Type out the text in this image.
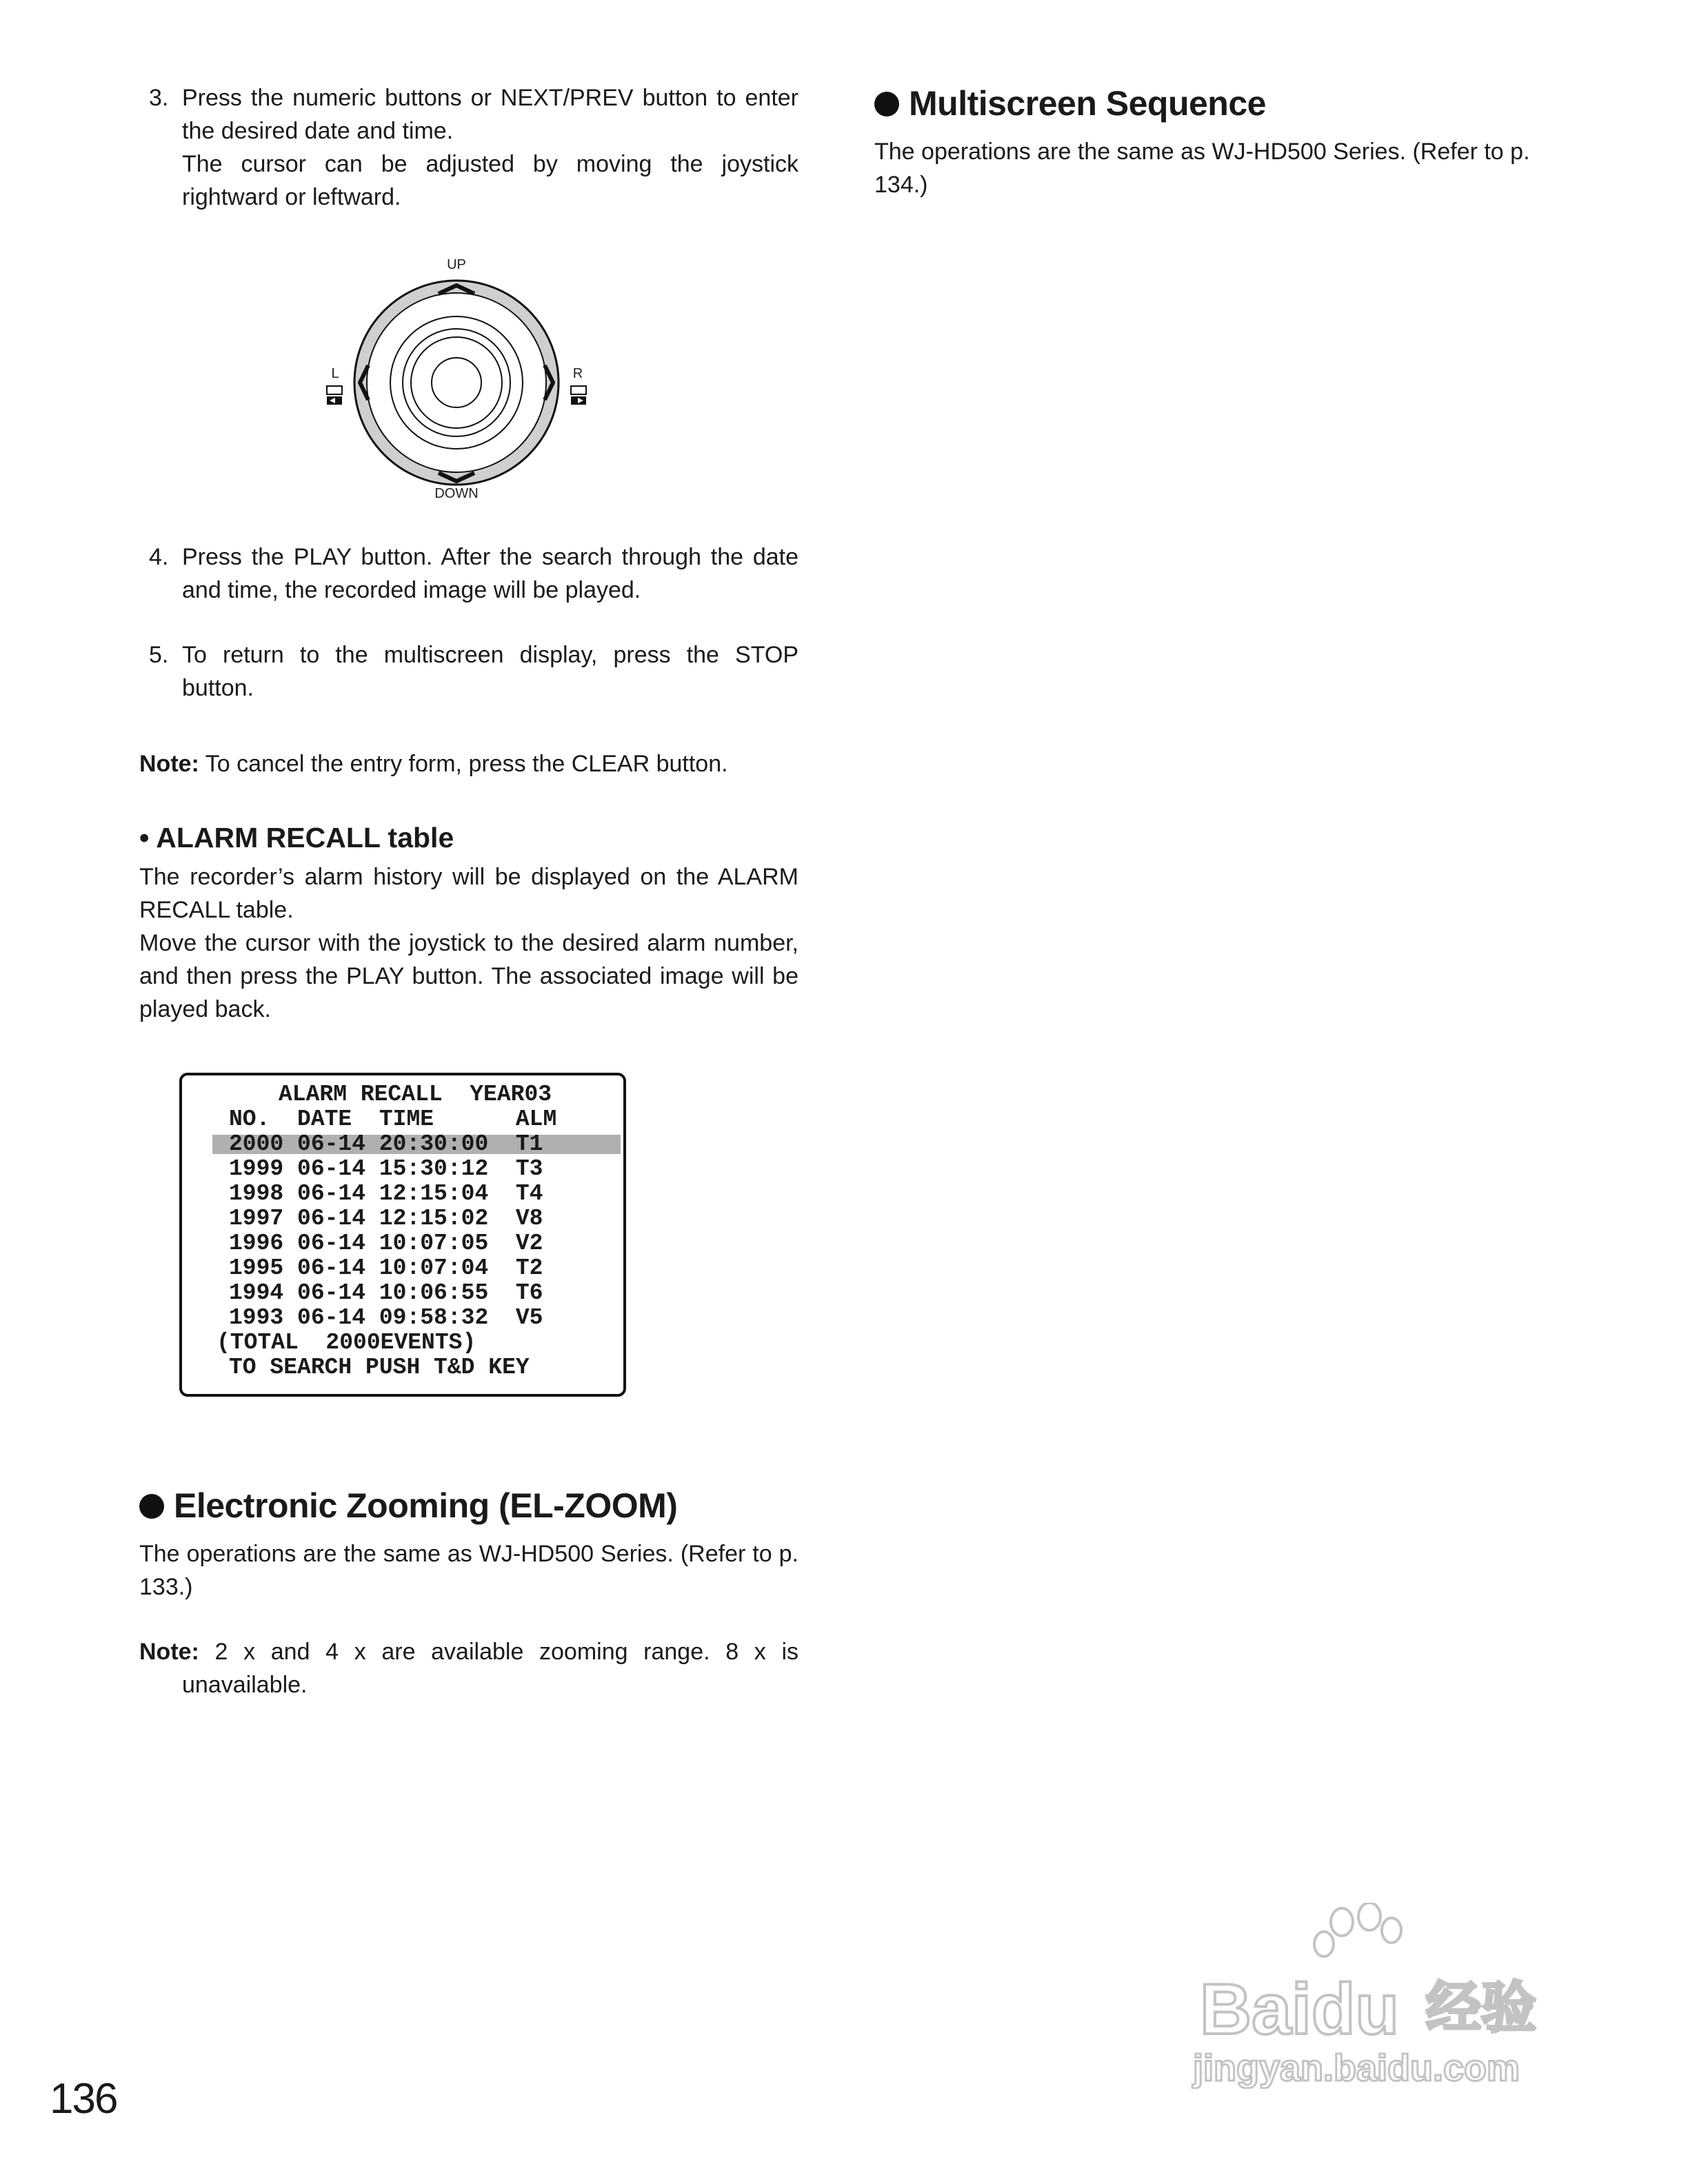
3. Press the numeric buttons or NEXT/PREV button to enter the desired date and time.
The cursor can be adjusted by moving the joystick rightward or leftward.
UP
DOWN
L	R
4. Press the PLAY button. After the search through the date and time, the recorded image will be played.
5. To return to the multiscreen display, press the STOP button.

Note: To cancel the entry form, press the CLEAR button.

• ALARM RECALL table

The recorder’s alarm history will be displayed on the ALARM RECALL table.

Move the cursor with the joystick to the desired alarm number, and then press the PLAY button. The associated image will be played back.

ALARM RECALL  YEAR03
NO.  DATE  TIME      ALM
2000 06-14 20:30:00  T1
1999 06-14 15:30:12  T3
1998 06-14 12:15:04  T4
1997 06-14 12:15:02  V8
1996 06-14 10:07:05  V2
1995 06-14 10:07:04  T2
1994 06-14 10:06:55  T6
1993 06-14 09:58:32  V5
(TOTAL  2000EVENTS)
TO SEARCH PUSH T&D KEY
Electronic Zooming (EL-ZOOM)

The operations are the same as WJ-HD500 Series. (Refer to p. 133.)

Note: 2 x and 4 x are available zooming range. 8 x is unavailable.

Multiscreen Sequence

The operations are the same as WJ-HD500 Series. (Refer to p. 134.)

136
Baidu 经验
jingyan.baidu.com
